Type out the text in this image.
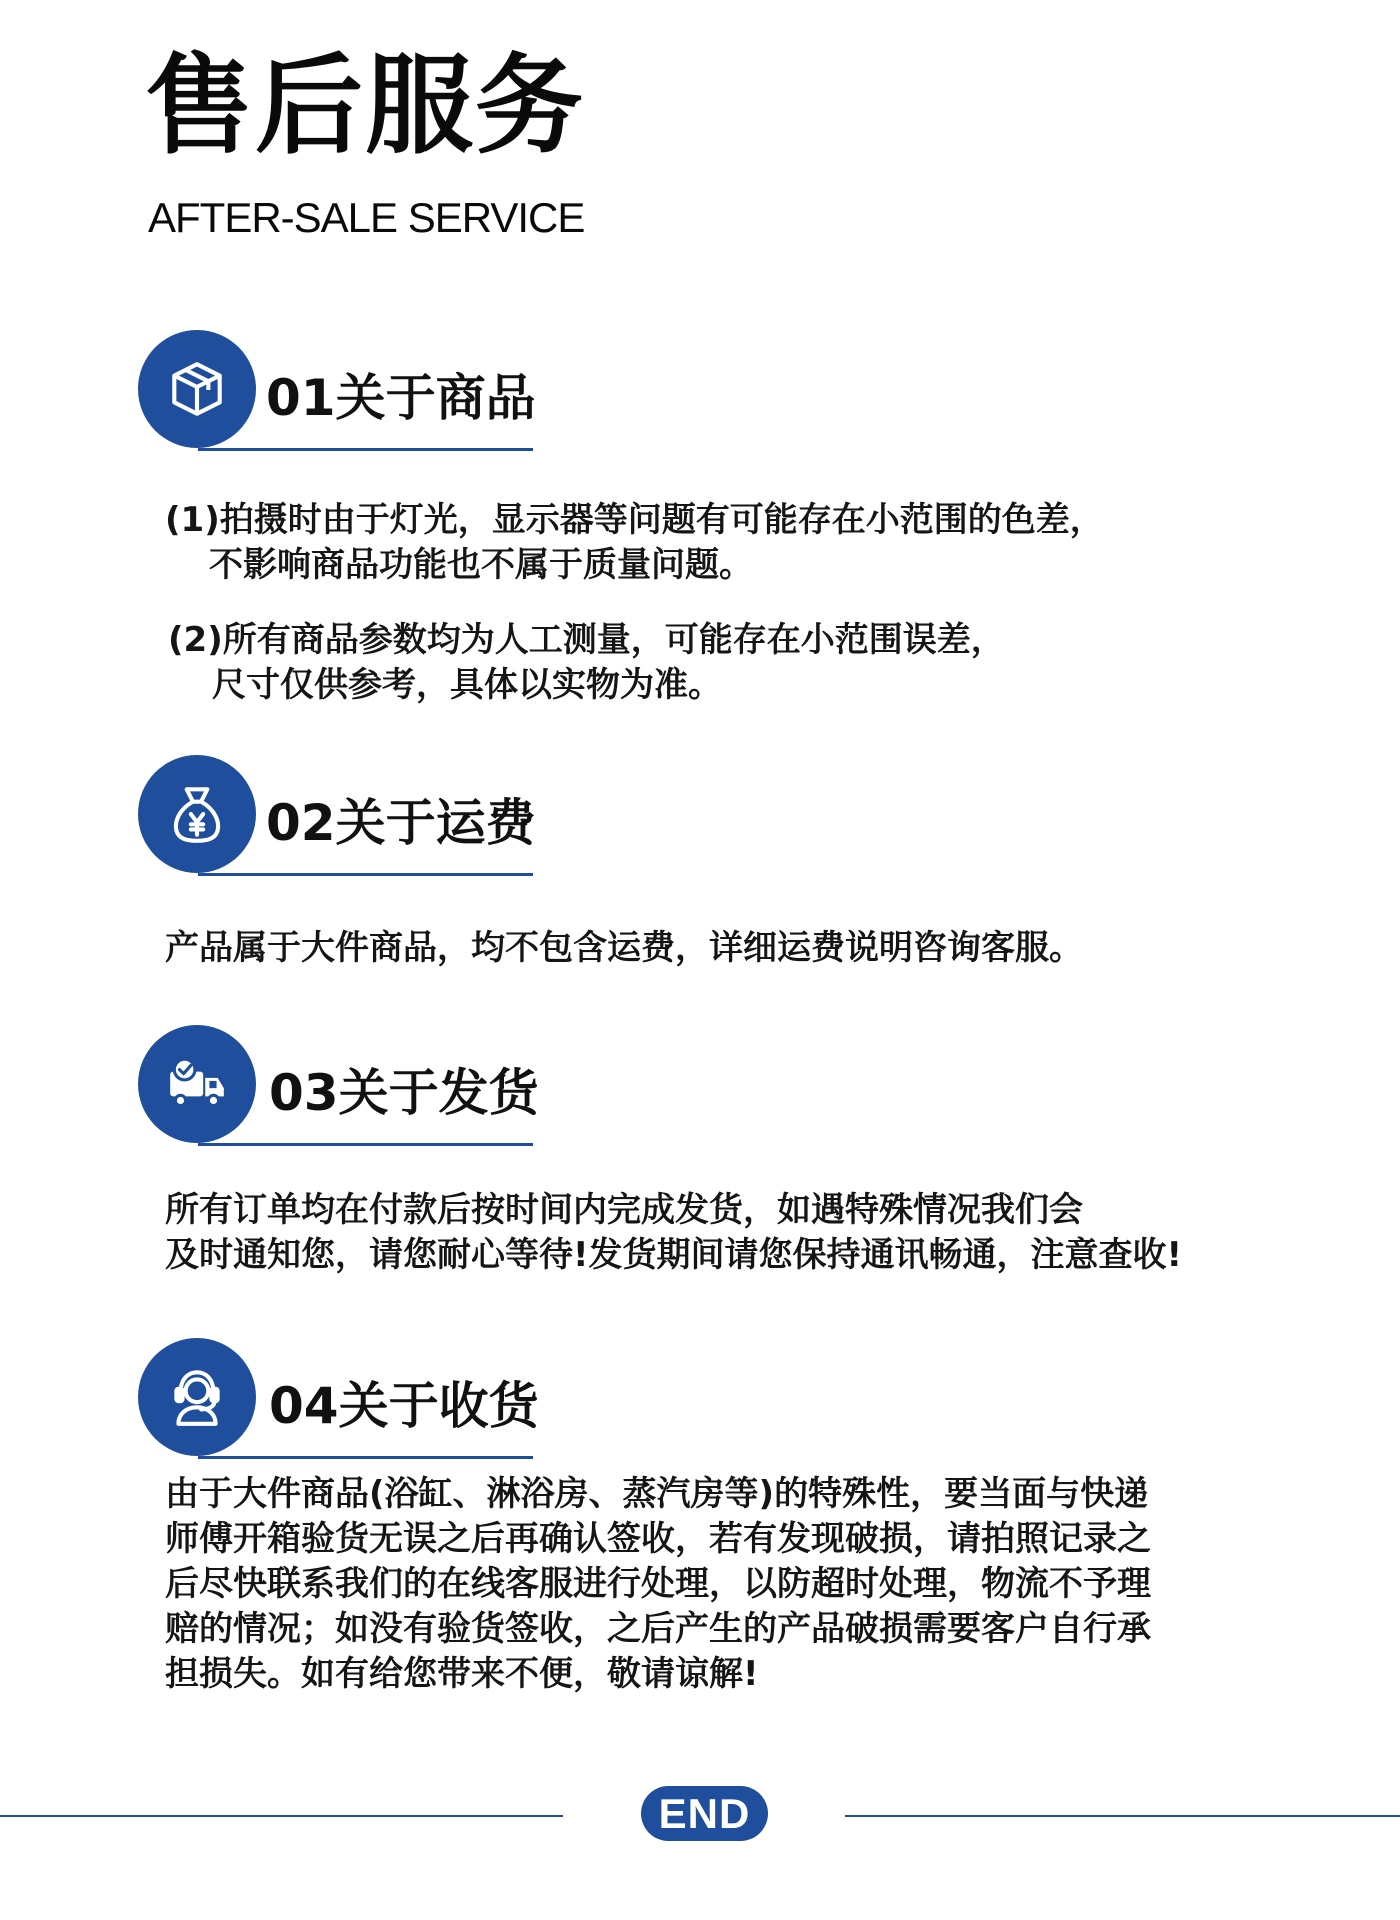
售后服务
AFTER-SALE SERVICE
01关于商品
(1)拍摄时由于灯光，显示器等问题有可能存在小范围的色差，
不影响商品功能也不属于质量问题。
(2)所有商品参数均为人工测量，可能存在小范围误差，
尺寸仅供参考，具体以实物为准。
02关于运费
产品属于大件商品，均不包含运费，详细运费说明咨询客服。
03关于发货
所有订单均在付款后按时间内完成发货，如遇特殊情况我们会
及时通知您，请您耐心等待!发货期间请您保持通讯畅通，注意查收!
04关于收货
由于大件商品(浴缸、淋浴房、蒸汽房等)的特殊性，要当面与快递
师傅开箱验货无误之后再确认签收，若有发现破损，请拍照记录之
后尽快联系我们的在线客服进行处理，以防超时处理，物流不予理
赔的情况；如没有验货签收，之后产生的产品破损需要客户自行承
担损失。如有给您带来不便，敬请谅解!
END
